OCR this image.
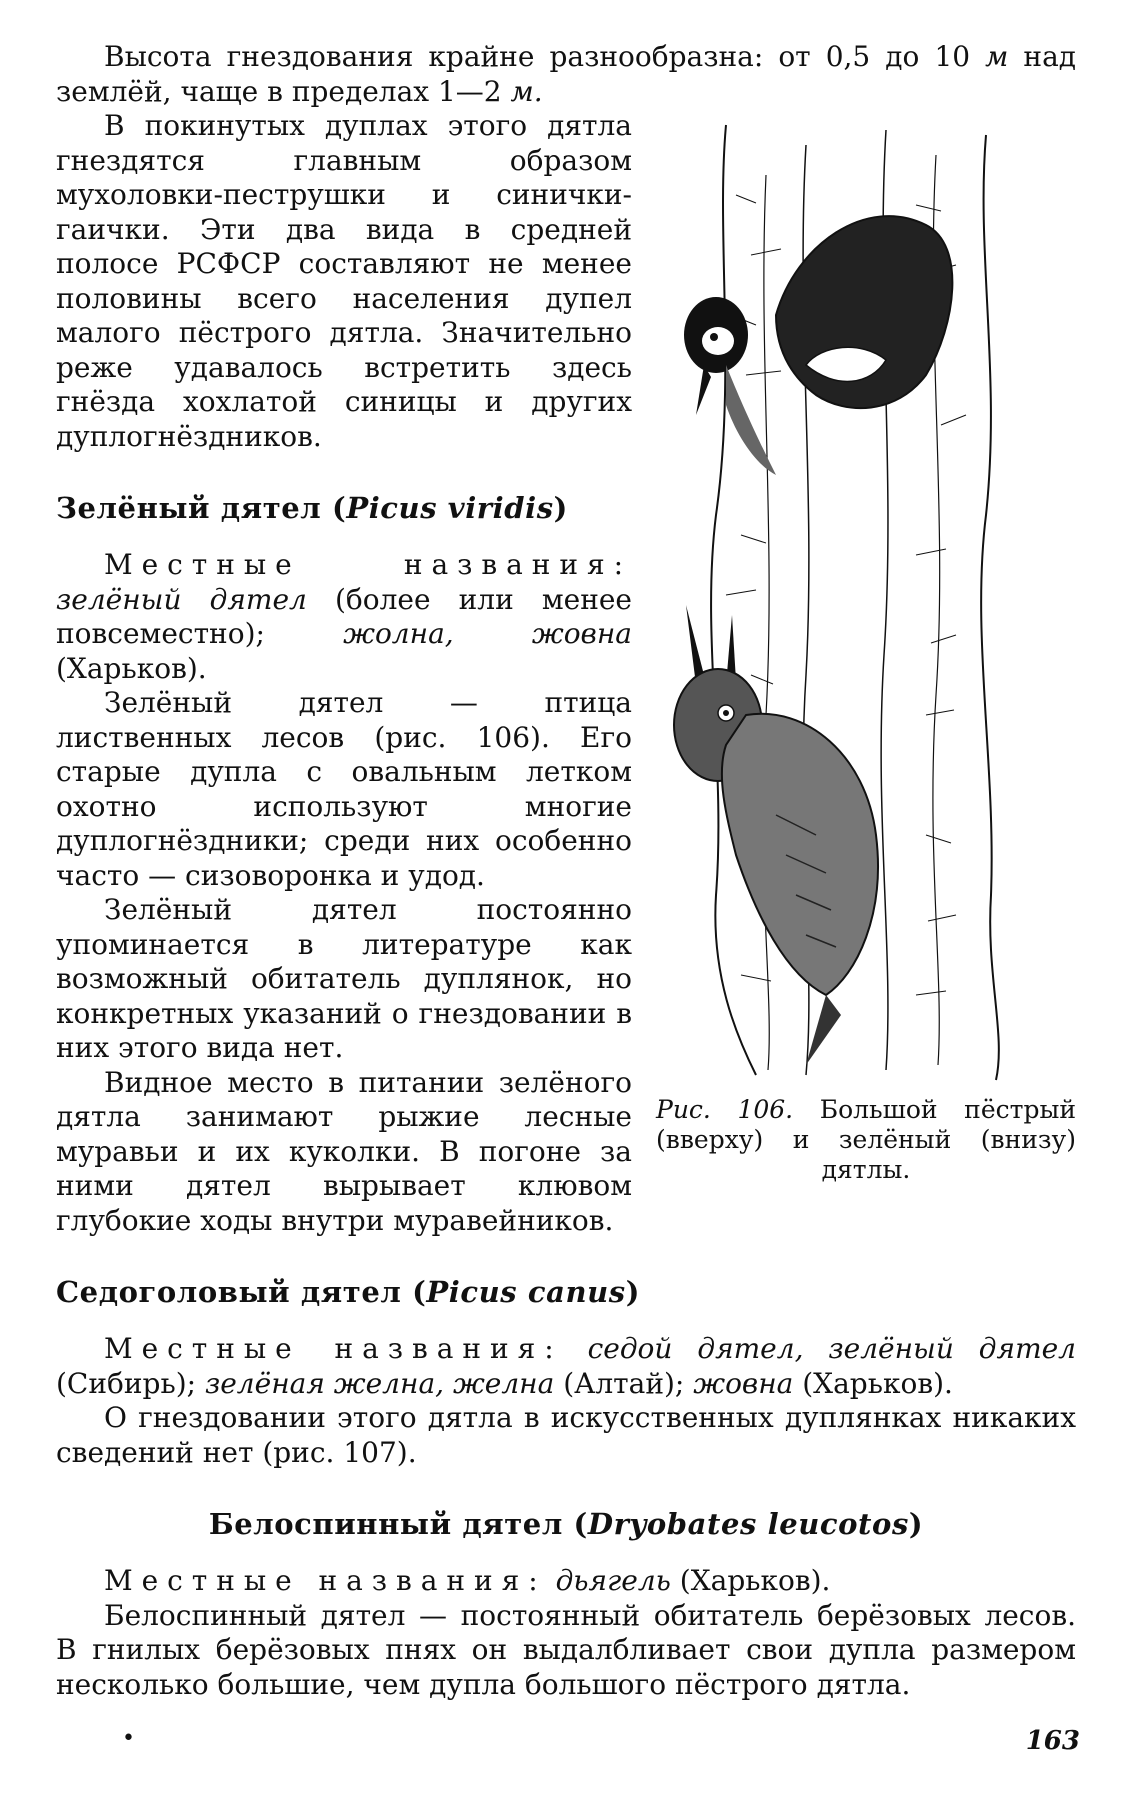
Высота гнездования крайне разнообразна: от 0,5 до 10 м над землёй, чаще в пределах 1—2 м.

Рис. 106. Большой пёстрый (вверху) и зелёный (внизу) дятлы.

В покинутых дуплах этого дятла гнездятся главным образом мухоловки-пеструшки и синички-гаички. Эти два вида в средней полосе РСФСР составляют не менее половины всего населения дупел малого пёстрого дятла. Значительно реже удавалось встретить здесь гнёзда хохлатой синицы и других дуплогнёздников.

Зелёный дятел (Picus viridis)

Местные названия: зелёный дятел (более или менее повсеместно); жолна, жовна (Харьков).

Зелёный дятел — птица лиственных лесов (рис. 106). Его старые дупла с овальным летком охотно используют многие дуплогнёздники; среди них особенно часто — сизоворонка и удод.

Зелёный дятел постоянно упоминается в литературе как возможный обитатель дуплянок, но конкретных указаний о гнездовании в них этого вида нет.

Видное место в питании зелёного дятла занимают рыжие лесные муравьи и их куколки. В погоне за ними дятел вырывает клювом глубокие ходы внутри муравейников.

Седоголовый дятел (Picus canus)

Местные названия: седой дятел, зелёный дятел (Сибирь); зелёная желна, желна (Алтай); жовна (Харьков).

О гнездовании этого дятла в искусственных дуплянках никаких сведений нет (рис. 107).

Белоспинный дятел (Dryobates leucotos)

Местные названия: дьягель (Харьков).

Белоспинный дятел — постоянный обитатель берёзовых лесов. В гнилых берёзовых пнях он выдалбливает свои дупла размером несколько большие, чем дупла большого пёстрого дятла.

•	163
